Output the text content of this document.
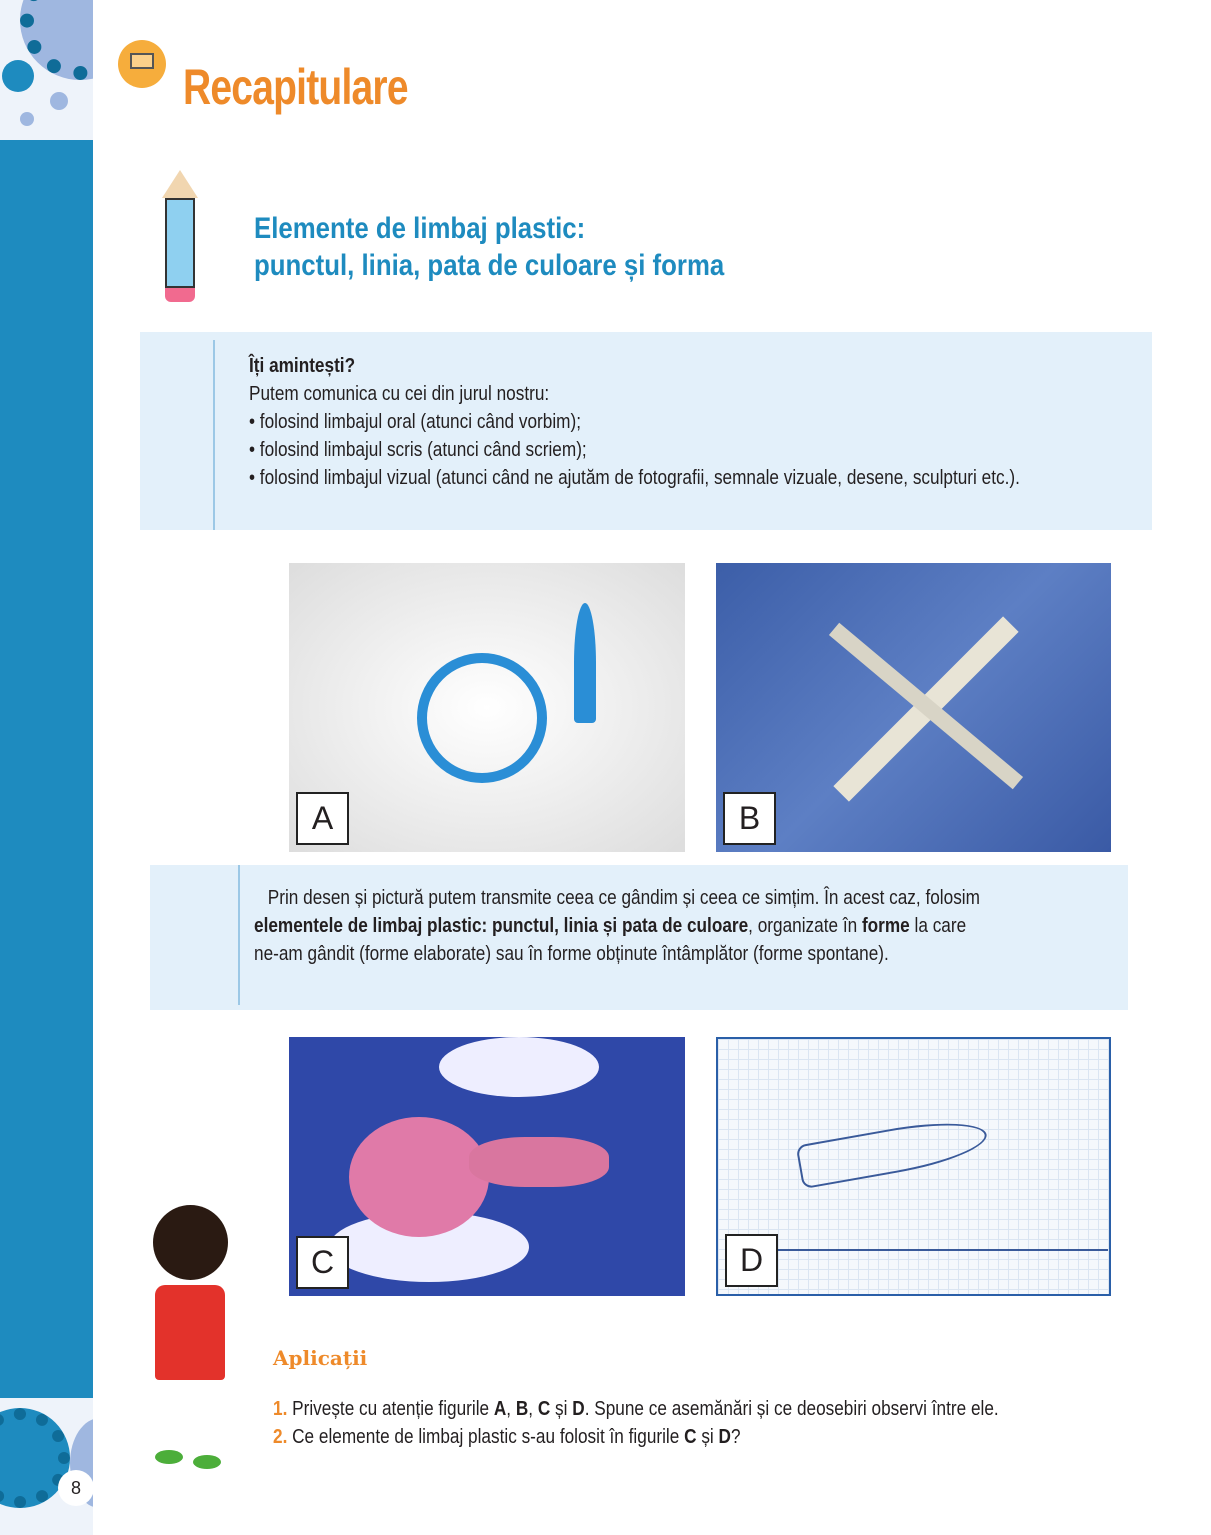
8
Recapitulare
Elemente de limbaj plastic:
punctul, linia, pata de culoare și forma
Îți amintești?
Putem comunica cu cei din jurul nostru:
• folosind limbajul oral (atunci când vorbim);
• folosind limbajul scris (atunci când scriem);
• folosind limbajul vizual (atunci când ne ajutăm de fotografii, semnale vizuale, desene, sculpturi etc.).
A	B
Prin desen și pictură putem transmite ceea ce gândim și ceea ce simțim. În acest caz, folosim
elementele de limbaj plastic: punctul, linia și pata de culoare, organizate în forme la care
ne-am gândit (forme elaborate) sau în forme obținute întâmplător (forme spontane).
C	D
Aplicații
1. Privește cu atenție figurile A, B, C și D. Spune ce asemănări și ce deosebiri observi între ele.
2. Ce elemente de limbaj plastic s-au folosit în figurile C și D?
